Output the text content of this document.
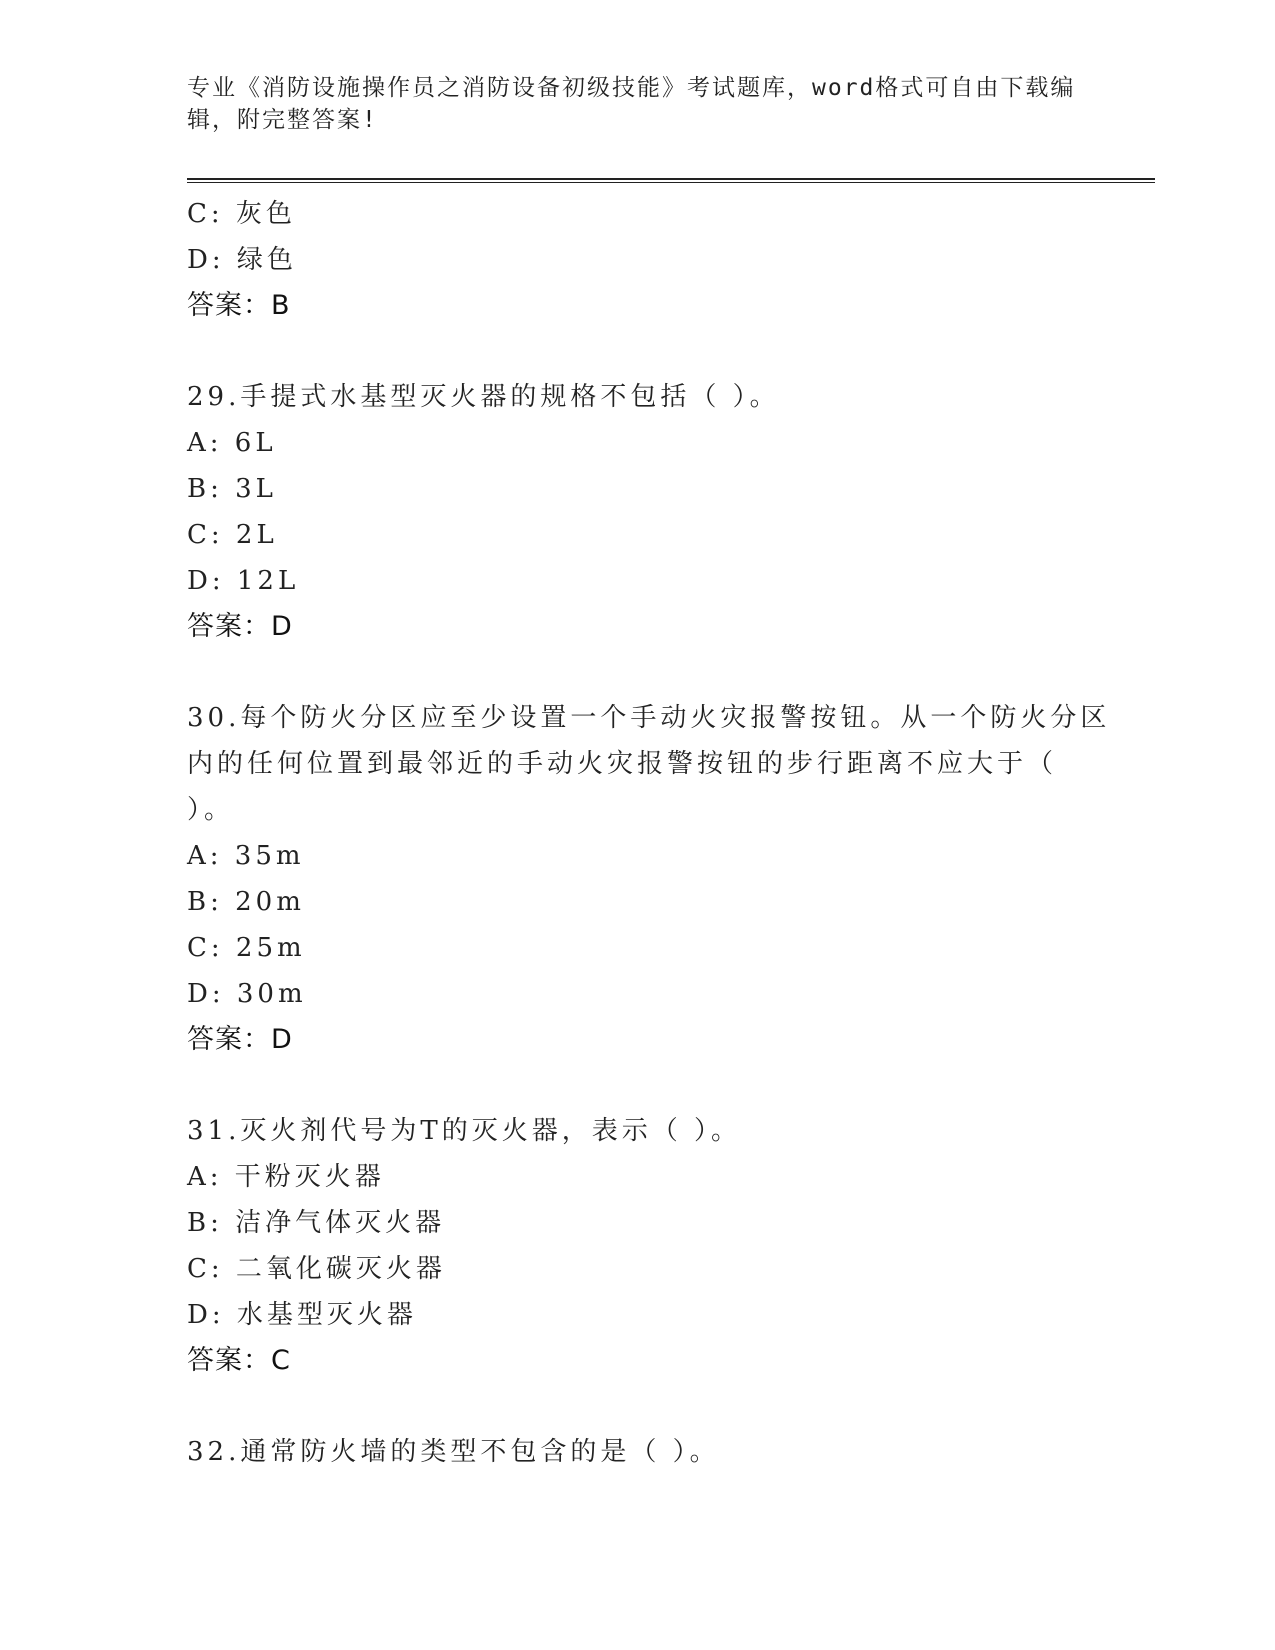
专业《消防设施操作员之消防设备初级技能》考试题库，word格式可自由下载编
辑，附完整答案!
C: 灰色
D: 绿色
答案：B
29.手提式水基型灭火器的规格不包括（ ）。
A: 6L
B: 3L
C: 2L
D: 12L
答案：D
30.每个防火分区应至少设置一个手动火灾报警按钮。从一个防火分区
内的任何位置到最邻近的手动火灾报警按钮的步行距离不应大于（
）。
A: 35m
B: 20m
C: 25m
D: 30m
答案：D
31.灭火剂代号为T的灭火器，表示（ ）。
A: 干粉灭火器
B: 洁净气体灭火器
C: 二氧化碳灭火器
D: 水基型灭火器
答案：C
32.通常防火墙的类型不包含的是（ ）。
